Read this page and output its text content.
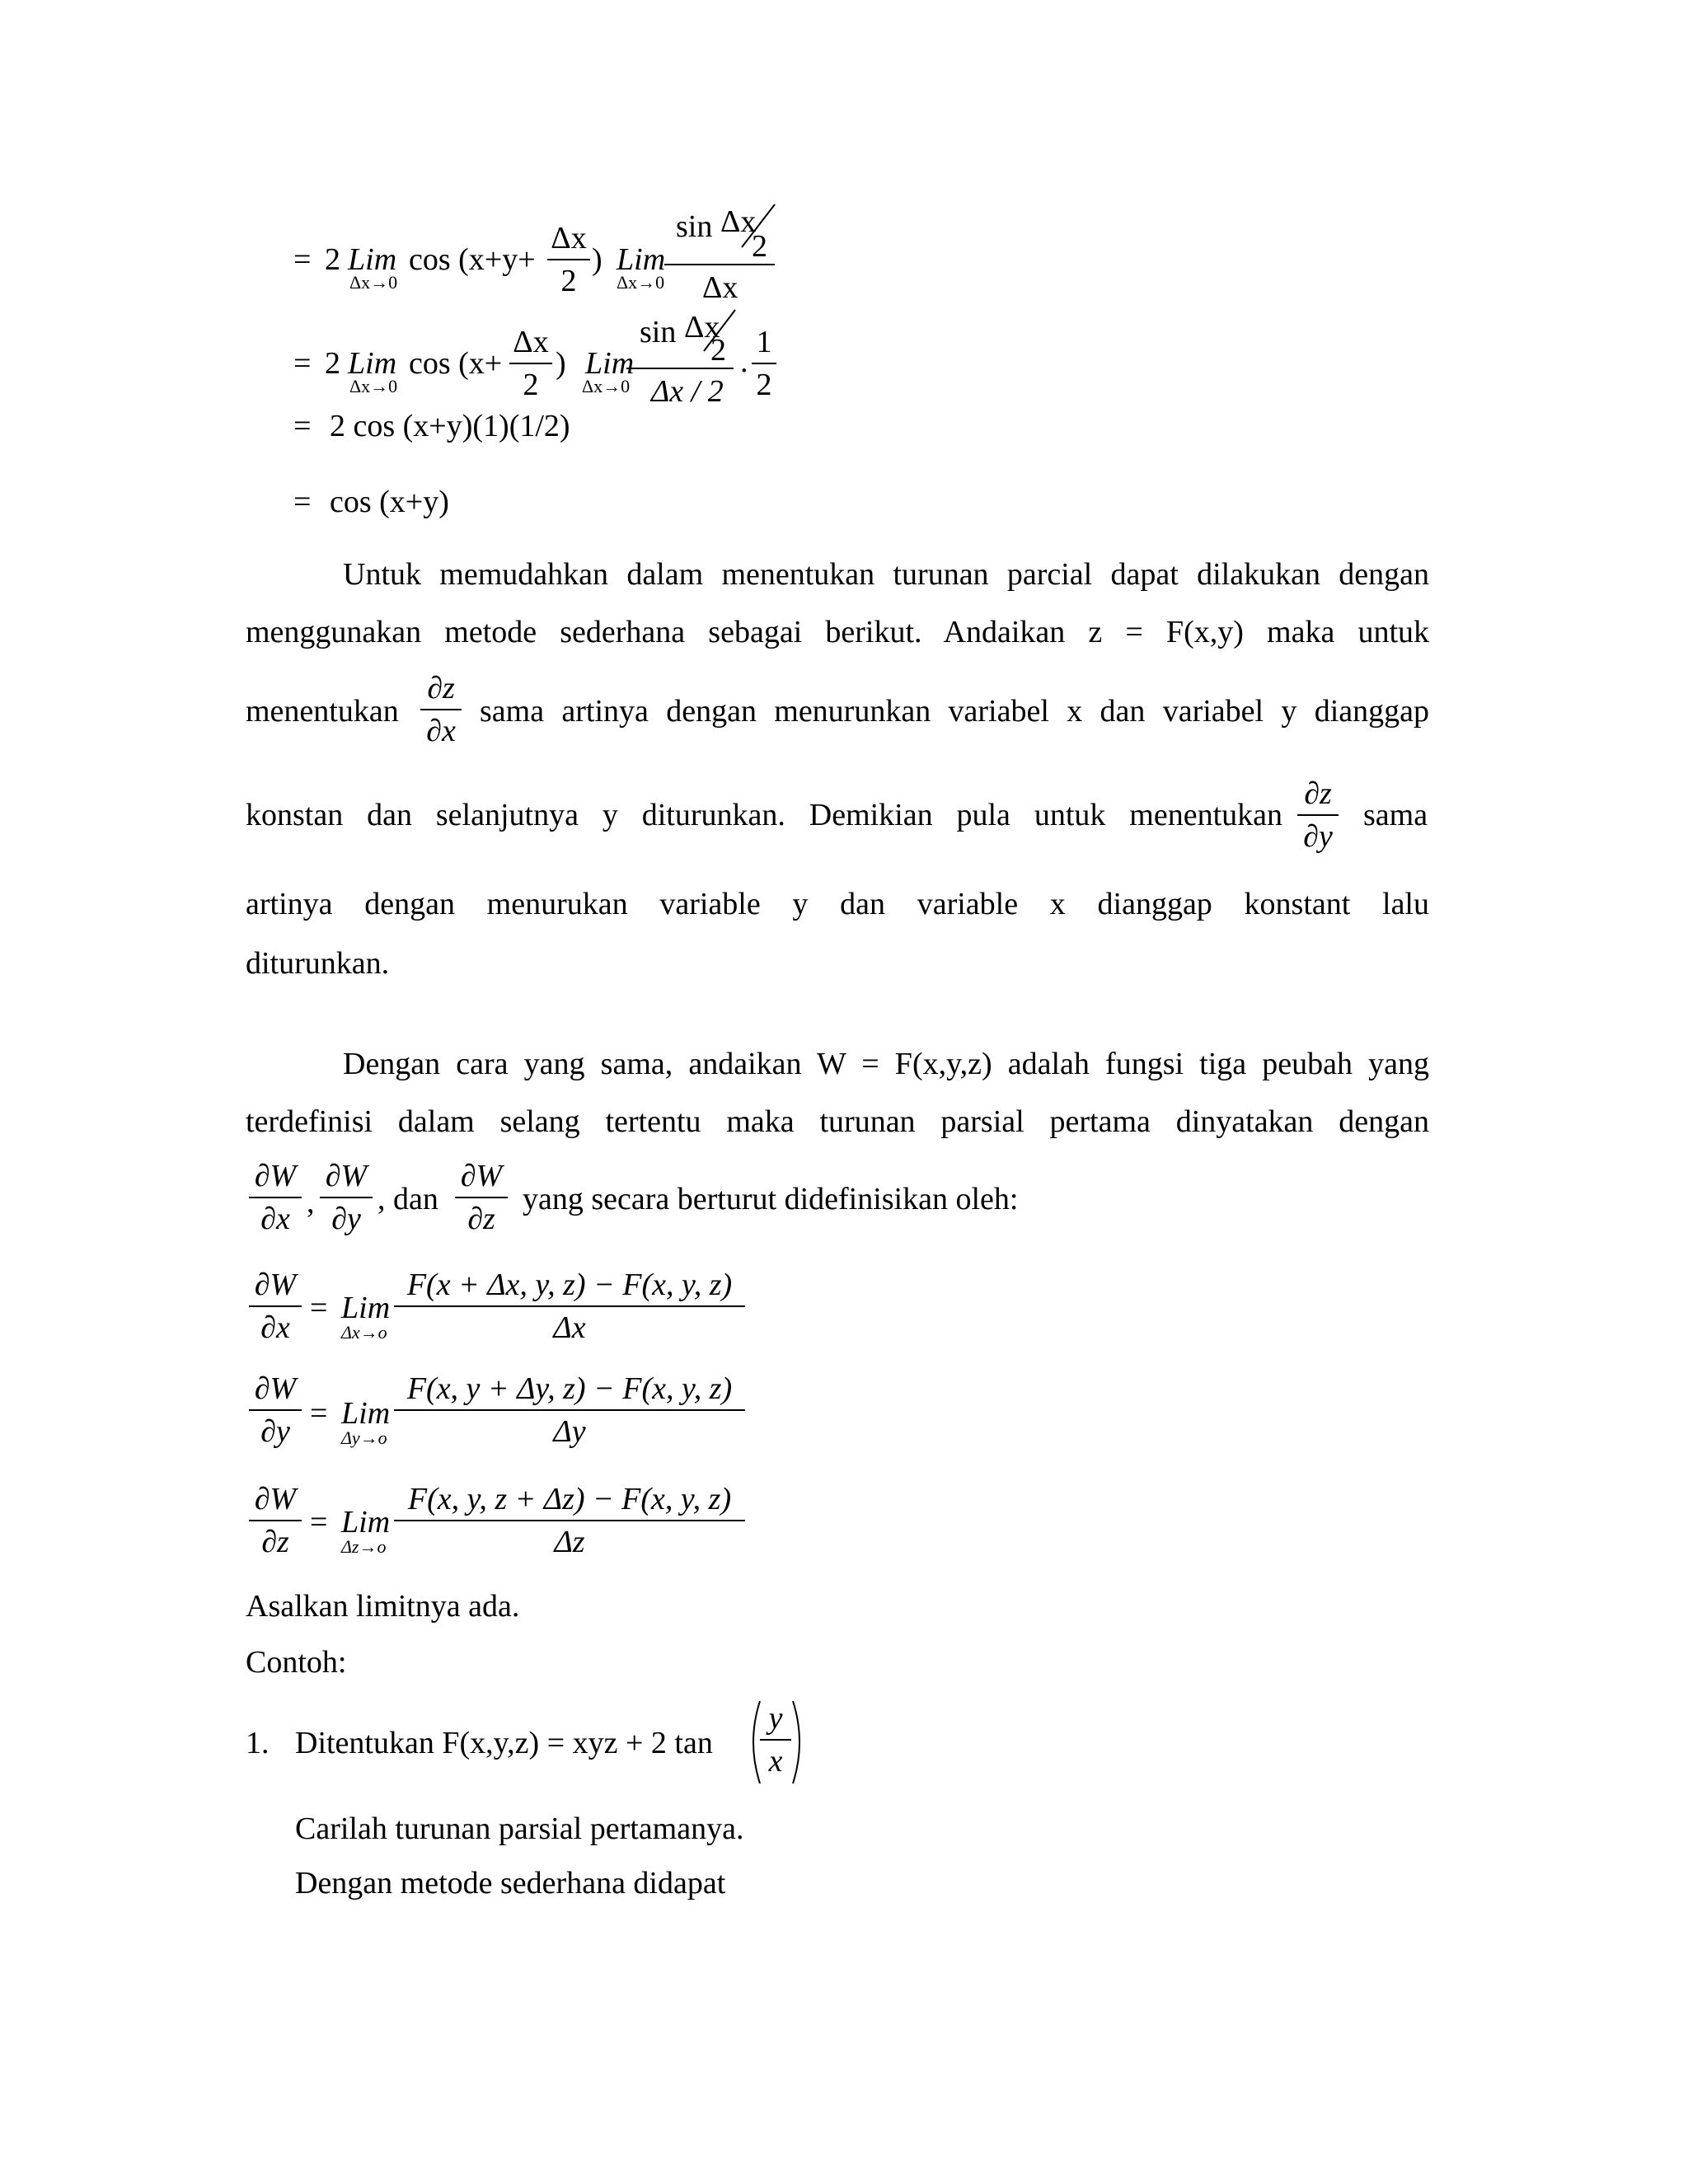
= 2 Lim
Δx→0
cos (x+y+
Δx
2
) Lim
Δx→0
sin Δx
2
Δx
= 2 Lim
Δx→0
cos (x+
Δx
2
) Lim
Δx→0
sin Δx
2
Δx / 2
.
1
2
= 2 cos (x+y)(1)(1/2)
= cos (x+y)
Untuk memudahkan dalam menentukan turunan parcial dapat dilakukan dengan
menggunakan metode sederhana sebagai berikut. Andaikan z = F(x,y) maka untuk
menentukan
∂z
∂x
sama artinya dengan menurunkan variabel x dan variabel y dianggap
konstan dan selanjutnya y diturunkan. Demikian pula untuk menentukan
∂z
∂y
sama
artinya dengan menurukan variable y dan variable x dianggap konstant lalu
diturunkan.
Dengan cara yang sama, andaikan W = F(x,y,z) adalah fungsi tiga peubah yang
terdefinisi dalam selang tertentu maka turunan parsial pertama dinyatakan dengan
∂W
∂x ,
∂W
∂y
, dan
∂W
∂z
yang secara berturut didefinisikan oleh:
∂W
∂x
= Lim
Δx→o
F(x + Δx, y, z) − F(x, y, z)
Δx
∂W
∂y
= Lim
Δy→o
F(x, y + Δy, z) − F(x, y, z)
Δy
∂W
∂z
= Lim
Δz→o
F(x, y, z + Δz) − F(x, y, z)
Δz
Asalkan limitnya ada.
Contoh:
1. Ditentukan F(x,y,z) = xyz + 2 tan
y
x
Carilah turunan parsial pertamanya.
Dengan metode sederhana didapat
